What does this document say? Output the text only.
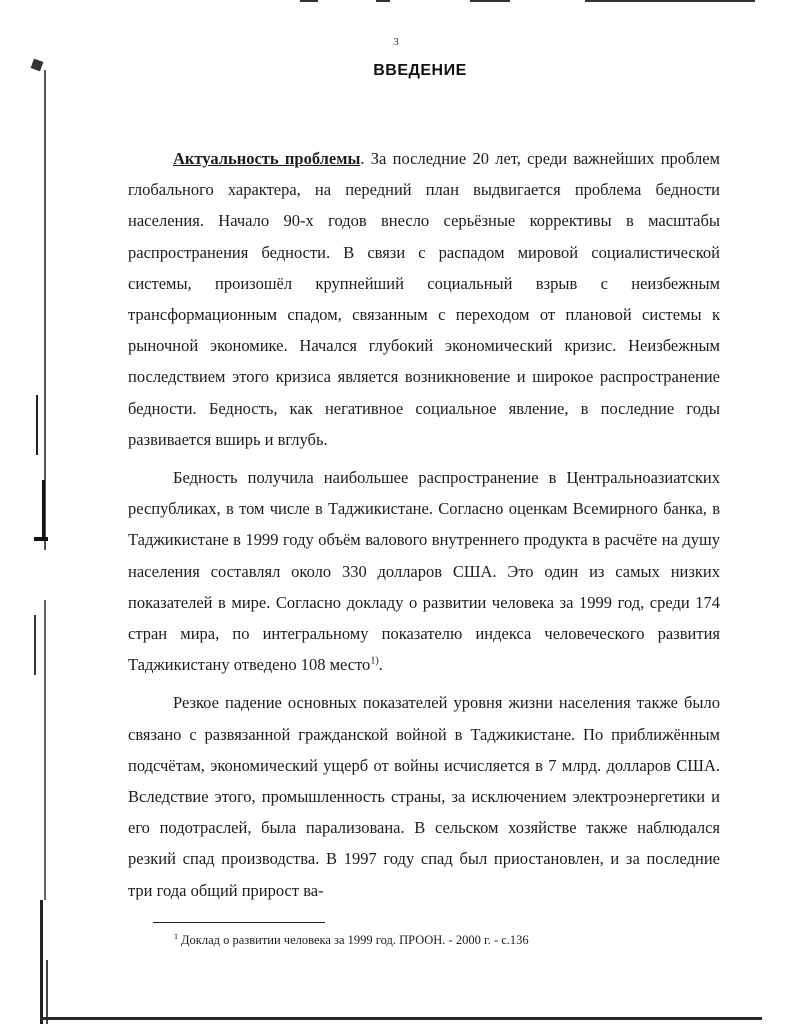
3
ВВЕДЕНИЕ

Актуальность проблемы. За последние 20 лет, среди важнейших проблем глобального характера, на передний план выдвигается проблема бедности населения. Начало 90-х годов внесло серьёзные коррективы в масштабы распространения бедности. В связи с распадом мировой социалистической системы, произошёл крупнейший социальный взрыв с неизбежным трансформационным спадом, связанным с переходом от плановой системы к рыночной экономике. Начался глубокий экономический кризис. Неизбежным последствием этого кризиса является возникновение и широкое распространение бедности. Бедность, как негативное социальное явление, в последние годы развивается вширь и вглубь.

Бедность получила наибольшее распространение в Центральноазиатских республиках, в том числе в Таджикистане. Согласно оценкам Всемирного банка, в Таджикистане в 1999 году объём валового внутреннего продукта в расчёте на душу населения составлял около 330 долларов США. Это один из самых низких показателей в мире. Согласно докладу о развитии человека за 1999 год, среди 174 стран мира, по интегральному показателю индекса человеческого развития Таджикистану отведено 108 место$^{1)}$.

Резкое падение основных показателей уровня жизни населения также было связано с развязанной гражданской войной в Таджикистане. По приближённым подсчётам, экономический ущерб от войны исчисляется в 7 млрд. долларов США. Вследствие этого, промышленность страны, за исключением электроэнергетики и его подотраслей, была парализована. В сельском хозяйстве также наблюдался резкий спад производства. В 1997 году спад был приостановлен, и за последние три года общий прирост ва-

$^1$ Доклад о развитии человека за 1999 год. ПРООН. - 2000 г. - с.136
